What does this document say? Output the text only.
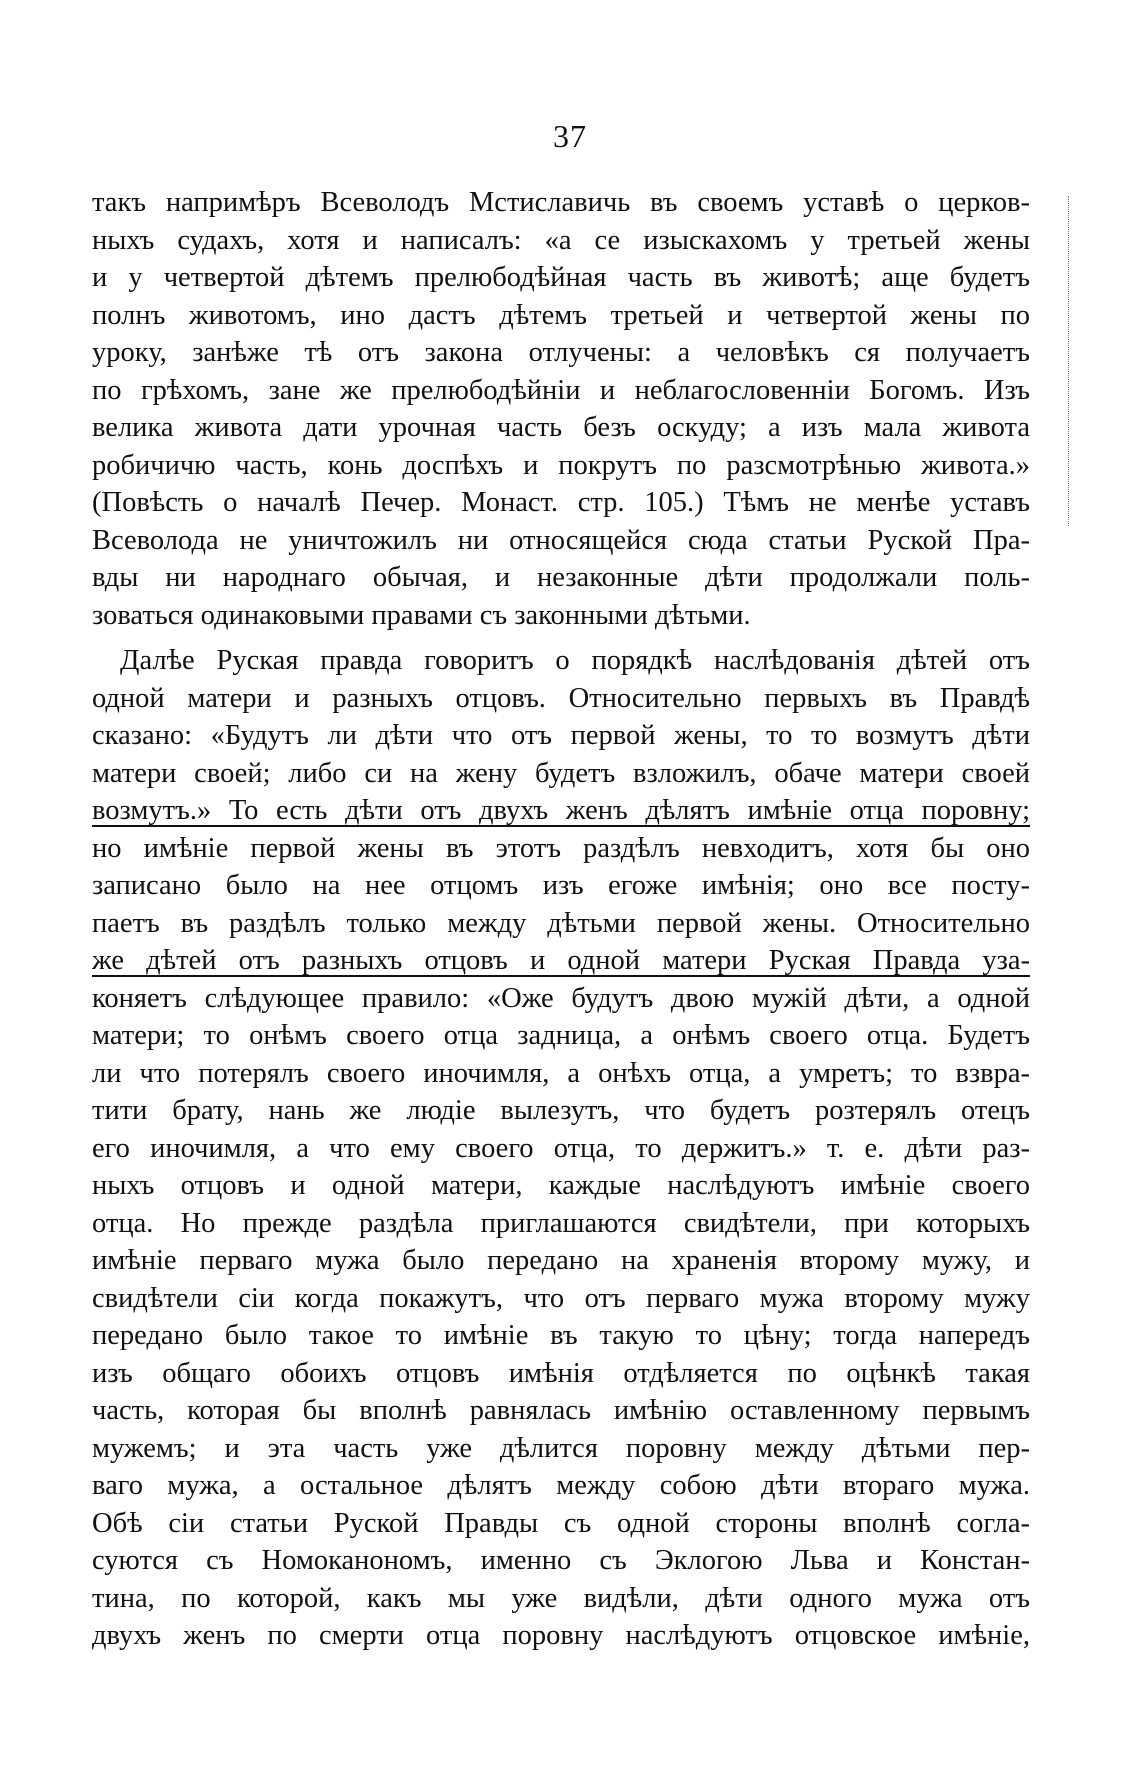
37
такъ напримѣръ Всеволодъ Мстиславичь въ своемъ уставѣ о церков-
ныхъ судахъ, хотя и написалъ: «а се изыскахомъ у третьей жены
и у четвертой дѣтемъ прелюбодѣйная часть въ животѣ; аще будетъ
полнъ животомъ, ино дастъ дѣтемъ третьей и четвертой жены по
уроку, занѣже тѣ отъ закона отлучены: а человѣкъ ся получаетъ
по грѣхомъ, зане же прелюбодѣйніи и неблагословенніи Богомъ. Изъ
велика живота дати урочная часть безъ оскуду; а изъ мала живота
робичичю часть, конь доспѣхъ и покрутъ по разсмотрѣнью живота.»
(Повѣсть о началѣ Печер. Монаст. стр. 105.) Тѣмъ не менѣе уставъ
Всеволода не уничтожилъ ни относящейся сюда статьи Руской Пра-
вды ни народнаго обычая, и незаконные дѣти продолжали поль-
зоваться одинаковыми правами съ законными дѣтьми.
Далѣе Руская правда говоритъ о порядкѣ наслѣдованія дѣтей отъ
одной матери и разныхъ отцовъ. Относительно первыхъ въ Правдѣ
сказано: «Будутъ ли дѣти что отъ первой жены, то то возмутъ дѣти
матери своей; либо си на жену будетъ взложилъ, обаче матери своей
возмутъ.» То есть дѣти отъ двухъ женъ дѣлятъ имѣніе отца поровну;
но имѣніе первой жены въ этотъ раздѣлъ невходитъ, хотя бы оно
записано было на нее отцомъ изъ егоже имѣнія; оно все посту-
паетъ въ раздѣлъ только между дѣтьми первой жены. Относительно
же дѣтей отъ разныхъ отцовъ и одной матери Руская Правда уза-
коняетъ слѣдующее правило: «Оже будутъ двою мужій дѣти, а одной
матери; то онѣмъ своего отца задница, а онѣмъ своего отца. Будетъ
ли что потерялъ своего иночимля, а онѣхъ отца, а умретъ; то взвра-
тити брату, нань же людіе вылезутъ, что будетъ розтерялъ отецъ
его иночимля, а что ему своего отца, то держитъ.» т. е. дѣти раз-
ныхъ отцовъ и одной матери, каждые наслѣдуютъ имѣніе своего
отца. Но прежде раздѣла приглашаются свидѣтели, при которыхъ
имѣніе перваго мужа было передано на храненія второму мужу, и
свидѣтели сіи когда покажутъ, что отъ перваго мужа второму мужу
передано было такое то имѣніе въ такую то цѣну; тогда напередъ
изъ общаго обоихъ отцовъ имѣнія отдѣляется по оцѣнкѣ такая
часть, которая бы вполнѣ равнялась имѣнію оставленному первымъ
мужемъ; и эта часть уже дѣлится поровну между дѣтьми пер-
ваго мужа, а остальное дѣлятъ между собою дѣти втораго мужа.
Обѣ сіи статьи Руской Правды съ одной стороны вполнѣ согла-
суются съ Номоканономъ, именно съ Эклогою Льва и Констан-
тина, по которой, какъ мы уже видѣли, дѣти одного мужа отъ
двухъ женъ по смерти отца поровну наслѣдуютъ отцовское имѣніе,
